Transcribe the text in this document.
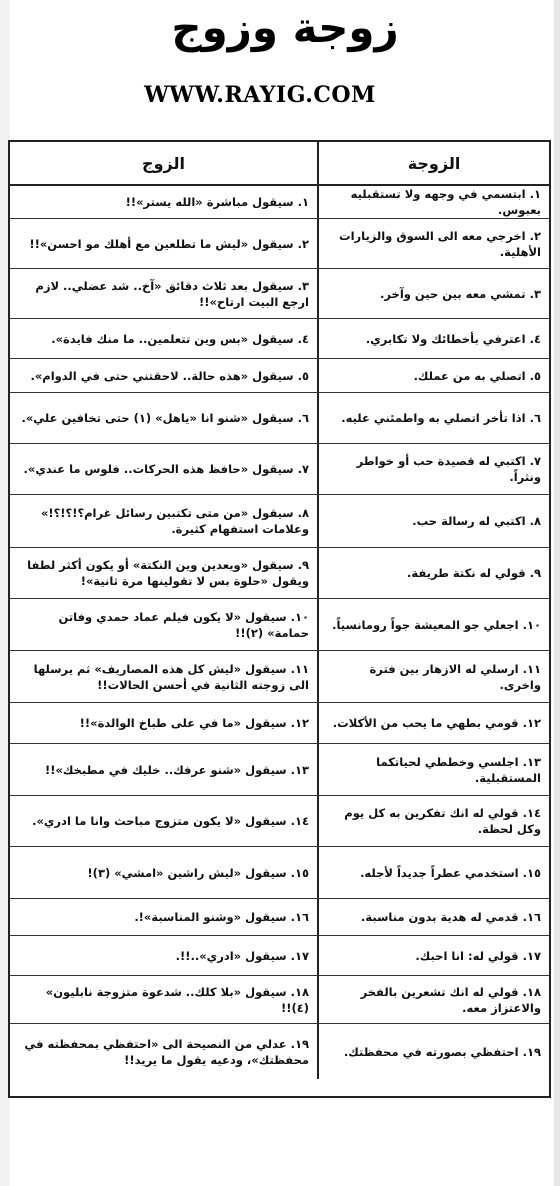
زوجة وزوج
WWW.RAYIG.COM
الزوجة
الزوج
١. ابتسمي في وجهه ولا تستقبليه بعبوس.
١. سيقول مباشرة «الله يستر»!!
٢. اخرجي معه الى السوق والزيارات الأهلية.
٢. سيقول «ليش ما تطلعين مع أهلك مو احسن»!!
٣. تمشي معه بين حين وآخر.
٣. سيقول بعد ثلاث دقائق «آخ.. شد عضلي.. لازم ارجع البيت ارتاح»!!
٤. اعترفي بأخطائك ولا تكابري.
٤. سيقول «بس وين تتعلمين.. ما منك فايدة».
٥. اتصلي به من عملك.
٥. سيقول «هذه حالة.. لاحقتني حتى في الدوام».
٦. اذا تأخر اتصلي به واطمئني عليه.
٦. سيقول «شنو انا «ياهل» (١) حتى تخافين علي».
٧. اكتبي له قصيدة حب أو خواطر ونثراً.
٧. سيقول «حافظ هذه الحركات.. فلوس ما عندي».
٨. اكتبي له رسالة حب.
٨. سيقول «من متى تكتبين رسائل غرام؟!؟!؟!» وعلامات استفهام كثيرة.
٩. قولي له نكتة طريفة.
٩. سيقول «ويعدين وين النكتة» أو يكون أكثر لطفا ويقول «حلوة بس لا تقولينها مرة ثانية»!
١٠. اجعلي جو المعيشة جواً رومانسياً.
١٠. سيقول «لا يكون فيلم عماد حمدي وفاتن حمامة» (٢)!!
١١. ارسلي له الازهار بين فترة واخرى.
١١. سيقول «ليش كل هذه المصاريف» ثم يرسلها الى زوجته الثانية في أحسن الحالات!!
١٢. قومي بطهي ما يحب من الأكلات.
١٢. سيقول «ما في على طباخ الوالدة»!!
١٣. اجلسي وخططي لحياتكما المستقبلية.
١٣. سيقول «شنو عرفك.. خليك في مطبخك»!!
١٤. قولي له انك تفكرين به كل يوم وكل لحظة.
١٤. سيقول «لا يكون متزوج مباحث وانا ما ادري».
١٥. استخدمي عطراً جديداً لأجله.
١٥. سيقول «ليش راشين «امشي» (٣)!
١٦. قدمي له هدية بدون مناسبة.
١٦. سيقول «وشنو المناسبة»!.
١٧. قولي له: انا احبك.
١٧. سيقول «ادري»..!!.
١٨. قولي له انك تشعرين بالفخر والاعتزاز معه.
١٨. سيقول «بلا كلك.. شدعوة متزوجة نابليون» (٤)!!
١٩. احتفظي بصورته في محفظتك.
١٩. عدلي من النصيحة الى «احتفظي بمحفظته في محفظتك»، ودعيه يقول ما يريد!!
